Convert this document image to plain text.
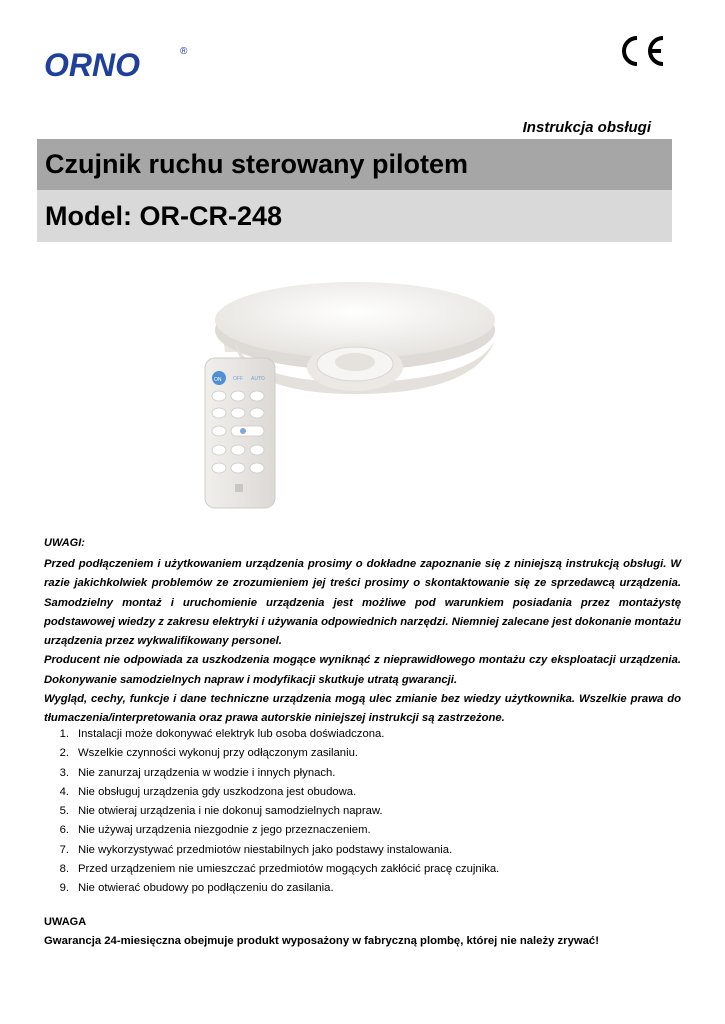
ORNO	®
Instrukcja obsługi
Czujnik ruchu sterowany pilotem
Model: OR-CR-248
ON OFF AUTO
UWAGI:

Przed podłączeniem i użytkowaniem urządzenia prosimy o dokładne zapoznanie się z niniejszą instrukcją obsługi. W razie jakichkolwiek problemów ze zrozumieniem jej treści prosimy o skontaktowanie się ze sprzedawcą urządzenia. Samodzielny montaż i uruchomienie urządzenia jest możliwe pod warunkiem posiadania przez montażystę podstawowej wiedzy z zakresu elektryki i używania odpowiednich narzędzi. Niemniej zalecane jest dokonanie montażu urządzenia przez wykwalifikowany personel.

Producent nie odpowiada za uszkodzenia mogące wyniknąć z nieprawidłowego montażu czy eksploatacji urządzenia. Dokonywanie samodzielnych napraw i modyfikacji skutkuje utratą gwarancji.

Wygląd, cechy, funkcje i dane techniczne urządzenia mogą ulec zmianie bez wiedzy użytkownika. Wszelkie prawa do tłumaczenia/interpretowania oraz prawa autorskie niniejszej instrukcji są zastrzeżone.

1. Instalacji może dokonywać elektryk lub osoba doświadczona.
2. Wszelkie czynności wykonuj przy odłączonym zasilaniu.
3. Nie zanurzaj urządzenia w wodzie i innych płynach.
4. Nie obsługuj urządzenia gdy uszkodzona jest obudowa.
5. Nie otwieraj urządzenia i nie dokonuj samodzielnych napraw.
6. Nie używaj urządzenia niezgodnie z jego przeznaczeniem.
7. Nie wykorzystywać przedmiotów niestabilnych jako podstawy instalowania.
8. Przed urządzeniem nie umieszczać przedmiotów mogących zakłócić pracę czujnika.
9. Nie otwierać obudowy po podłączeniu do zasilania.
UWAGA
Gwarancja 24-miesięczna obejmuje produkt wyposażony w fabryczną plombę, której nie należy zrywać!
